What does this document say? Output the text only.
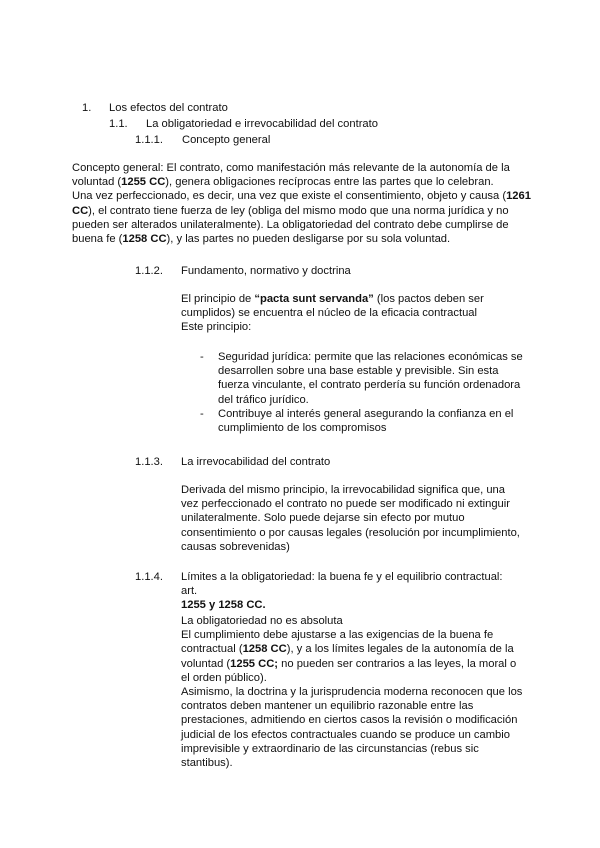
1. Los efectos del contrato
1.1. La obligatoriedad e irrevocabilidad del contrato
1.1.1. Concepto general
Concepto general: El contrato, como manifestación más relevante de la autonomía de la voluntad (1255 CC), genera obligaciones recíprocas entre las partes que lo celebran.
Una vez perfeccionado, es decir, una vez que existe el consentimiento, objeto y causa (1261 CC), el contrato tiene fuerza de ley (obliga del mismo modo que una norma jurídica y no pueden ser alterados unilateralmente). La obligatoriedad del contrato debe cumplirse de buena fe (1258 CC), y las partes no pueden desligarse por su sola voluntad.
1.1.2. Fundamento, normativo y doctrina
El principio de “pacta sunt servanda” (los pactos deben ser cumplidos) se encuentra el núcleo de la eficacia contractual
Este principio:
- Seguridad jurídica: permite que las relaciones económicas se desarrollen sobre una base estable y previsible. Sin esta fuerza vinculante, el contrato perdería su función ordenadora del tráfico jurídico.
- Contribuye al interés general asegurando la confianza en el cumplimiento de los compromisos
1.1.3. La irrevocabilidad del contrato
Derivada del mismo principio, la irrevocabilidad significa que, una vez perfeccionado el contrato no puede ser modificado ni extinguir unilateralmente. Solo puede dejarse sin efecto por mutuo consentimiento o por causas legales (resolución por incumplimiento, causas sobrevenidas)
1.1.4. Límites a la obligatoriedad: la buena fe y el equilibrio contractual: art.
1255 y 1258 CC.
La obligatoriedad no es absoluta
El cumplimiento debe ajustarse a las exigencias de la buena fe contractual (1258 CC), y a los límites legales de la autonomía de la voluntad (1255 CC; no pueden ser contrarios a las leyes, la moral o el orden público).
Asimismo, la doctrina y la jurisprudencia moderna reconocen que los contratos deben mantener un equilibrio razonable entre las prestaciones, admitiendo en ciertos casos la revisión o modificación judicial de los efectos contractuales cuando se produce un cambio imprevisible y extraordinario de las circunstancias (rebus sic stantibus).
